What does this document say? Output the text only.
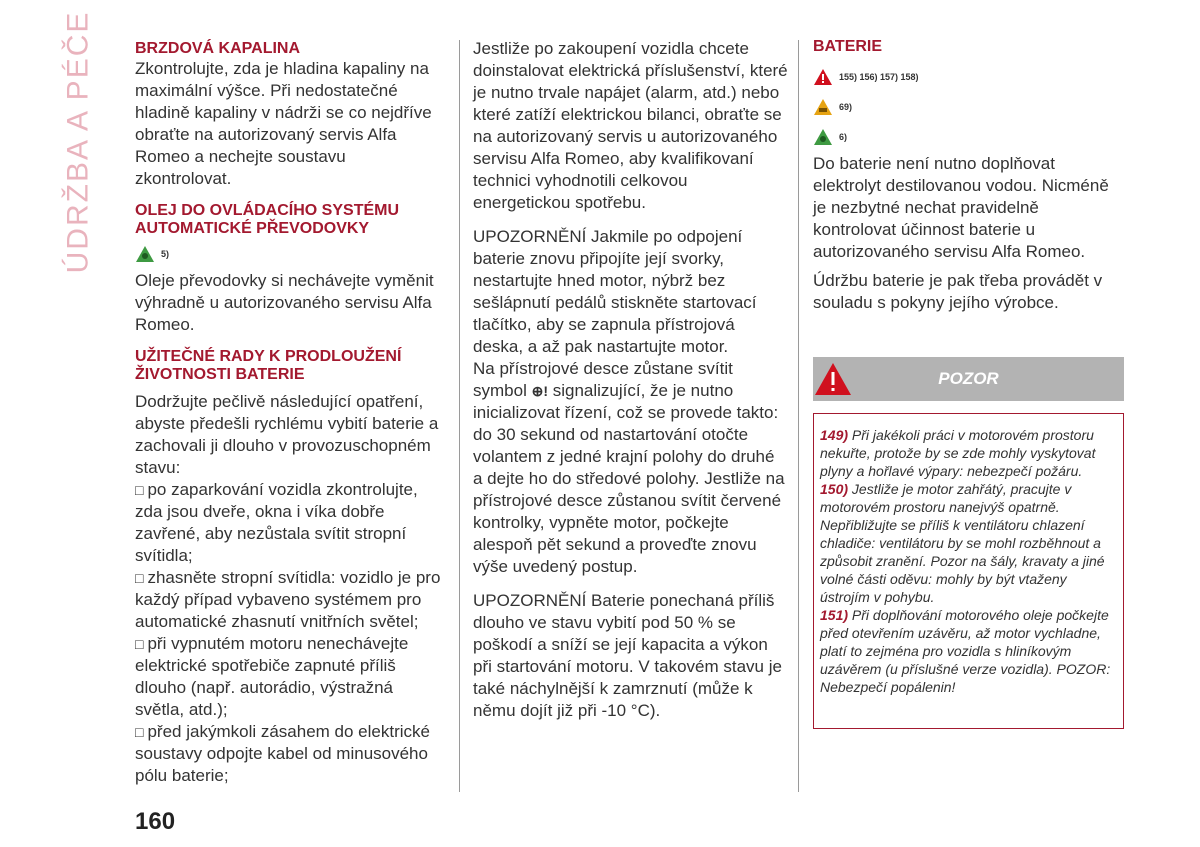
ÚDRŽBA A PÉČE	BRZDOVÁ KAPALINA

Zkontrolujte, zda je hladina kapaliny na maximální výšce. Při nedostatečné hladině kapaliny v nádrži se co nejdříve obraťte na autorizovaný servis Alfa Romeo a nechejte soustavu zkontrolovat.

OLEJ DO OVLÁDACÍHO SYSTÉMU AUTOMATICKÉ PŘEVODOVKY
5)

Oleje převodovky si nechávejte vyměnit výhradně u autorizovaného servisu Alfa Romeo.

UŽITEČNÉ RADY K PRODLOUŽENÍ ŽIVOTNOSTI BATERIE

Dodržujte pečlivě následující opatření, abyste předešli rychlému vybití baterie a zachovali ji dlouho v provozuschopném stavu:

□ po zaparkování vozidla zkontrolujte, zda jsou dveře, okna i víka dobře zavřené, aby nezůstala svítit stropní svítidla;

□ zhasněte stropní svítidla: vozidlo je pro každý případ vybaveno systémem pro automatické zhasnutí vnitřních světel;

□ při vypnutém motoru nenechávejte elektrické spotřebiče zapnuté příliš dlouho (např. autorádio, výstražná světla, atd.);

□ před jakýmkoli zásahem do elektrické soustavy odpojte kabel od minusového pólu baterie;

Jestliže po zakoupení vozidla chcete doinstalovat elektrická příslušenství, které je nutno trvale napájet (alarm, atd.) nebo které zatíží elektrickou bilanci, obraťte se na autorizovaný servis u autorizovaného servisu Alfa Romeo, aby kvalifikovaní technici vyhodnotili celkovou energetickou spotřebu.

UPOZORNĚNÍ Jakmile po odpojení baterie znovu připojíte její svorky, nestartujte hned motor, nýbrž bez sešlápnutí pedálů stiskněte startovací tlačítko, aby se zapnula přístrojová deska, a až pak nastartujte motor.

Na přístrojové desce zůstane svítit symbol ⊕! signalizující, že je nutno inicializovat řízení, což se provede takto: do 30 sekund od nastartování otočte volantem z jedné krajní polohy do druhé a dejte ho do středové polohy. Jestliže na přístrojové desce zůstanou svítit červené kontrolky, vypněte motor, počkejte alespoň pět sekund a proveďte znovu výše uvedený postup.

UPOZORNĚNÍ Baterie ponechaná příliš dlouho ve stavu vybití pod 50 % se poškodí a sníží se její kapacita a výkon při startování motoru. V takovém stavu je také náchylnější k zamrznutí (může k němu dojít již při -10 °C).

BATERIE
155) 156) 157) 158)
69)
6)

Do baterie není nutno doplňovat elektrolyt destilovanou vodou. Nicméně je nezbytné nechat pravidelně kontrolovat účinnost baterie u autorizovaného servisu Alfa Romeo.

Údržbu baterie je pak třeba provádět v souladu s pokyny jejího výrobce.

POZOR

149) Při jakékoli práci v motorovém prostoru nekuřte, protože by se zde mohly vyskytovat plyny a hořlavé výpary: nebezpečí požáru.

150) Jestliže je motor zahřátý, pracujte v motorovém prostoru nanejvýš opatrně. Nepřibližujte se příliš k ventilátoru chlazení chladiče: ventilátoru by se mohl rozběhnout a způsobit zranění. Pozor na šály, kravaty a jiné volné části oděvu: mohly by být vtaženy ústrojím v pohybu.

151) Při doplňování motorového oleje počkejte před otevřením uzávěru, až motor vychladne, platí to zejména pro vozidla s hliníkovým uzávěrem (u příslušné verze vozidla). POZOR: Nebezpečí popálenin!

160
